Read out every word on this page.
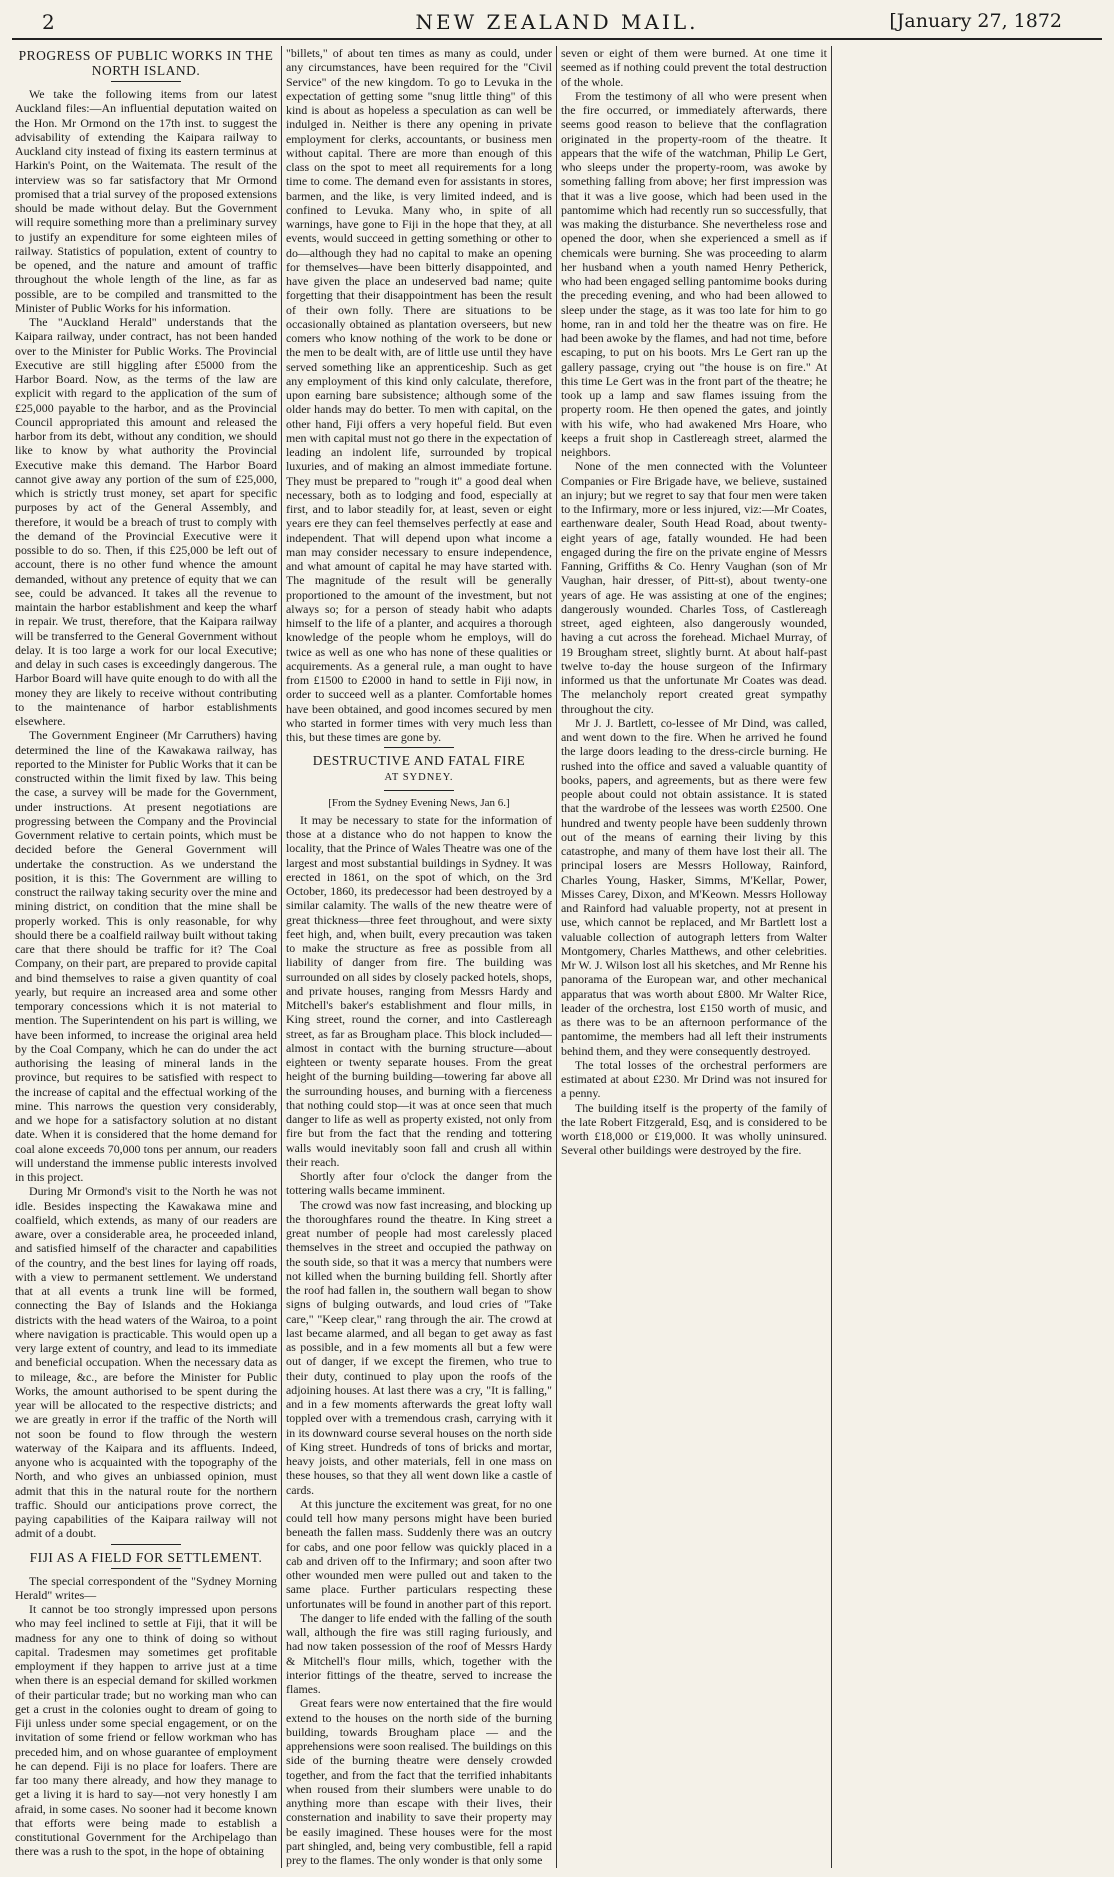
2	NEW ZEALAND MAIL.	[January 27, 1872
PROGRESS OF PUBLIC WORKS IN THE NORTH ISLAND.

We take the following items from our latest Auckland files:—An influential deputation waited on the Hon. Mr Ormond on the 17th inst. to suggest the advisability of extending the Kaipara railway to Auckland city instead of fixing its eastern terminus at Harkin's Point, on the Waitemata. The result of the interview was so far satisfactory that Mr Ormond promised that a trial survey of the proposed extensions should be made without delay. But the Government will require something more than a preliminary survey to justify an expenditure for some eighteen miles of railway. Statistics of population, extent of country to be opened, and the nature and amount of traffic throughout the whole length of the line, as far as possible, are to be compiled and transmitted to the Minister of Public Works for his information.

The "Auckland Herald" understands that the Kaipara railway, under contract, has not been handed over to the Minister for Public Works. The Provincial Executive are still higgling after £5000 from the Harbor Board. Now, as the terms of the law are explicit with regard to the application of the sum of £25,000 payable to the harbor, and as the Provincial Council appropriated this amount and released the harbor from its debt, without any condition, we should like to know by what authority the Provincial Executive make this demand. The Harbor Board cannot give away any portion of the sum of £25,000, which is strictly trust money, set apart for specific purposes by act of the General Assembly, and therefore, it would be a breach of trust to comply with the demand of the Provincial Executive were it possible to do so. Then, if this £25,000 be left out of account, there is no other fund whence the amount demanded, without any pretence of equity that we can see, could be advanced. It takes all the revenue to maintain the harbor establishment and keep the wharf in repair. We trust, therefore, that the Kaipara railway will be transferred to the General Government without delay. It is too large a work for our local Executive; and delay in such cases is exceedingly dangerous. The Harbor Board will have quite enough to do with all the money they are likely to receive without contributing to the maintenance of harbor establishments elsewhere.

The Government Engineer (Mr Carruthers) having determined the line of the Kawakawa railway, has reported to the Minister for Public Works that it can be constructed within the limit fixed by law. This being the case, a survey will be made for the Government, under instructions. At present negotiations are progressing between the Company and the Provincial Government relative to certain points, which must be decided before the General Government will undertake the construction. As we understand the position, it is this: The Government are willing to construct the railway taking security over the mine and mining district, on condition that the mine shall be properly worked. This is only reasonable, for why should there be a coalfield railway built without taking care that there should be traffic for it? The Coal Company, on their part, are prepared to provide capital and bind themselves to raise a given quantity of coal yearly, but require an increased area and some other temporary concessions which it is not material to mention. The Superintendent on his part is willing, we have been informed, to increase the original area held by the Coal Company, which he can do under the act authorising the leasing of mineral lands in the province, but requires to be satisfied with respect to the increase of capital and the effectual working of the mine. This narrows the question very considerably, and we hope for a satisfactory solution at no distant date. When it is considered that the home demand for coal alone exceeds 70,000 tons per annum, our readers will understand the immense public interests involved in this project.

During Mr Ormond's visit to the North he was not idle. Besides inspecting the Kawakawa mine and coalfield, which extends, as many of our readers are aware, over a considerable area, he proceeded inland, and satisfied himself of the character and capabilities of the country, and the best lines for laying off roads, with a view to permanent settlement. We understand that at all events a trunk line will be formed, connecting the Bay of Islands and the Hokianga districts with the head waters of the Wairoa, to a point where navigation is practicable. This would open up a very large extent of country, and lead to its immediate and beneficial occupation. When the necessary data as to mileage, &c., are before the Minister for Public Works, the amount authorised to be spent during the year will be allocated to the respective districts; and we are greatly in error if the traffic of the North will not soon be found to flow through the western waterway of the Kaipara and its affluents. Indeed, anyone who is acquainted with the topography of the North, and who gives an unbiassed opinion, must admit that this in the natural route for the northern traffic. Should our anticipations prove correct, the paying capabilities of the Kaipara railway will not admit of a doubt.

FIJI AS A FIELD FOR SETTLEMENT.

The special correspondent of the "Sydney Morning Herald" writes—

It cannot be too strongly impressed upon persons who may feel inclined to settle at Fiji, that it will be madness for any one to think of doing so without capital. Tradesmen may sometimes get profitable employment if they happen to arrive just at a time when there is an especial demand for skilled workmen of their particular trade; but no working man who can get a crust in the colonies ought to dream of going to Fiji unless under some special engagement, or on the invitation of some friend or fellow workman who has preceded him, and on whose guarantee of employment he can depend. Fiji is no place for loafers. There are far too many there already, and how they manage to get a living it is hard to say—not very honestly I am afraid, in some cases. No sooner had it become known that efforts were being made to establish a constitutional Government for the Archipelago than there was a rush to the spot, in the hope of obtaining

"billets," of about ten times as many as could, under any circumstances, have been required for the "Civil Service" of the new kingdom. To go to Levuka in the expectation of getting some "snug little thing" of this kind is about as hopeless a speculation as can well be indulged in. Neither is there any opening in private employment for clerks, accountants, or business men without capital. There are more than enough of this class on the spot to meet all requirements for a long time to come. The demand even for assistants in stores, barmen, and the like, is very limited indeed, and is confined to Levuka. Many who, in spite of all warnings, have gone to Fiji in the hope that they, at all events, would succeed in getting something or other to do—although they had no capital to make an opening for themselves—have been bitterly disappointed, and have given the place an undeserved bad name; quite forgetting that their disappointment has been the result of their own folly. There are situations to be occasionally obtained as plantation overseers, but new comers who know nothing of the work to be done or the men to be dealt with, are of little use until they have served something like an apprenticeship. Such as get any employment of this kind only calculate, therefore, upon earning bare subsistence; although some of the older hands may do better. To men with capital, on the other hand, Fiji offers a very hopeful field. But even men with capital must not go there in the expectation of leading an indolent life, surrounded by tropical luxuries, and of making an almost immediate fortune. They must be prepared to "rough it" a good deal when necessary, both as to lodging and food, especially at first, and to labor steadily for, at least, seven or eight years ere they can feel themselves perfectly at ease and independent. That will depend upon what income a man may consider necessary to ensure independence, and what amount of capital he may have started with. The magnitude of the result will be generally proportioned to the amount of the investment, but not always so; for a person of steady habit who adapts himself to the life of a planter, and acquires a thorough knowledge of the people whom he employs, will do twice as well as one who has none of these qualities or acquirements. As a general rule, a man ought to have from £1500 to £2000 in hand to settle in Fiji now, in order to succeed well as a planter. Comfortable homes have been obtained, and good incomes secured by men who started in former times with very much less than this, but these times are gone by.

DESTRUCTIVE AND FATAL FIRE
AT SYDNEY.
[From the Sydney Evening News, Jan 6.]

It may be necessary to state for the information of those at a distance who do not happen to know the locality, that the Prince of Wales Theatre was one of the largest and most substantial buildings in Sydney. It was erected in 1861, on the spot of which, on the 3rd October, 1860, its predecessor had been destroyed by a similar calamity. The walls of the new theatre were of great thickness—three feet throughout, and were sixty feet high, and, when built, every precaution was taken to make the structure as free as possible from all liability of danger from fire. The building was surrounded on all sides by closely packed hotels, shops, and private houses, ranging from Messrs Hardy and Mitchell's baker's establishment and flour mills, in King street, round the corner, and into Castlereagh street, as far as Brougham place. This block included—almost in contact with the burning structure—about eighteen or twenty separate houses. From the great height of the burning building—towering far above all the surrounding houses, and burning with a fierceness that nothing could stop—it was at once seen that much danger to life as well as property existed, not only from fire but from the fact that the rending and tottering walls would inevitably soon fall and crush all within their reach.

Shortly after four o'clock the danger from the tottering walls became imminent.

The crowd was now fast increasing, and blocking up the thoroughfares round the theatre. In King street a great number of people had most carelessly placed themselves in the street and occupied the pathway on the south side, so that it was a mercy that numbers were not killed when the burning building fell. Shortly after the roof had fallen in, the southern wall began to show signs of bulging outwards, and loud cries of "Take care," "Keep clear," rang through the air. The crowd at last became alarmed, and all began to get away as fast as possible, and in a few moments all but a few were out of danger, if we except the firemen, who true to their duty, continued to play upon the roofs of the adjoining houses. At last there was a cry, "It is falling," and in a few moments afterwards the great lofty wall toppled over with a tremendous crash, carrying with it in its downward course several houses on the north side of King street. Hundreds of tons of bricks and mortar, heavy joists, and other materials, fell in one mass on these houses, so that they all went down like a castle of cards.

At this juncture the excitement was great, for no one could tell how many persons might have been buried beneath the fallen mass. Suddenly there was an outcry for cabs, and one poor fellow was quickly placed in a cab and driven off to the Infirmary; and soon after two other wounded men were pulled out and taken to the same place. Further particulars respecting these unfortunates will be found in another part of this report.

The danger to life ended with the falling of the south wall, although the fire was still raging furiously, and had now taken possession of the roof of Messrs Hardy & Mitchell's flour mills, which, together with the interior fittings of the theatre, served to increase the flames.

Great fears were now entertained that the fire would extend to the houses on the north side of the burning building, towards Brougham place — and the apprehensions were soon realised. The buildings on this side of the burning theatre were densely crowded together, and from the fact that the terrified inhabitants when roused from their slumbers were unable to do anything more than escape with their lives, their consternation and inability to save their property may be easily imagined. These houses were for the most part shingled, and, being very combustible, fell a rapid prey to the flames. The only wonder is that only some

seven or eight of them were burned. At one time it seemed as if nothing could prevent the total destruction of the whole.

From the testimony of all who were present when the fire occurred, or immediately afterwards, there seems good reason to believe that the conflagration originated in the property-room of the theatre. It appears that the wife of the watchman, Philip Le Gert, who sleeps under the property-room, was awoke by something falling from above; her first impression was that it was a live goose, which had been used in the pantomime which had recently run so successfully, that was making the disturbance. She nevertheless rose and opened the door, when she experienced a smell as if chemicals were burning. She was proceeding to alarm her husband when a youth named Henry Petherick, who had been engaged selling pantomime books during the preceding evening, and who had been allowed to sleep under the stage, as it was too late for him to go home, ran in and told her the theatre was on fire. He had been awoke by the flames, and had not time, before escaping, to put on his boots. Mrs Le Gert ran up the gallery passage, crying out "the house is on fire." At this time Le Gert was in the front part of the theatre; he took up a lamp and saw flames issuing from the property room. He then opened the gates, and jointly with his wife, who had awakened Mrs Hoare, who keeps a fruit shop in Castlereagh street, alarmed the neighbors.

None of the men connected with the Volunteer Companies or Fire Brigade have, we believe, sustained an injury; but we regret to say that four men were taken to the Infirmary, more or less injured, viz:—Mr Coates, earthenware dealer, South Head Road, about twenty-eight years of age, fatally wounded. He had been engaged during the fire on the private engine of Messrs Fanning, Griffiths & Co. Henry Vaughan (son of Mr Vaughan, hair dresser, of Pitt-st), about twenty-one years of age. He was assisting at one of the engines; dangerously wounded. Charles Toss, of Castlereagh street, aged eighteen, also dangerously wounded, having a cut across the forehead. Michael Murray, of 19 Brougham street, slightly burnt. At about half-past twelve to-day the house surgeon of the Infirmary informed us that the unfortunate Mr Coates was dead. The melancholy report created great sympathy throughout the city.

Mr J. J. Bartlett, co-lessee of Mr Dind, was called, and went down to the fire. When he arrived he found the large doors leading to the dress-circle burning. He rushed into the office and saved a valuable quantity of books, papers, and agreements, but as there were few people about could not obtain assistance. It is stated that the wardrobe of the lessees was worth £2500. One hundred and twenty people have been suddenly thrown out of the means of earning their living by this catastrophe, and many of them have lost their all. The principal losers are Messrs Holloway, Rainford, Charles Young, Hasker, Simms, M'Kellar, Power, Misses Carey, Dixon, and M'Keown. Messrs Holloway and Rainford had valuable property, not at present in use, which cannot be replaced, and Mr Bartlett lost a valuable collection of autograph letters from Walter Montgomery, Charles Matthews, and other celebrities. Mr W. J. Wilson lost all his sketches, and Mr Renne his panorama of the European war, and other mechanical apparatus that was worth about £800. Mr Walter Rice, leader of the orchestra, lost £150 worth of music, and as there was to be an afternoon performance of the pantomime, the members had all left their instruments behind them, and they were consequently destroyed.

The total losses of the orchestral performers are estimated at about £230. Mr Drind was not insured for a penny.

The building itself is the property of the family of the late Robert Fitzgerald, Esq, and is considered to be worth £18,000 or £19,000. It was wholly uninsured. Several other buildings were destroyed by the fire.
